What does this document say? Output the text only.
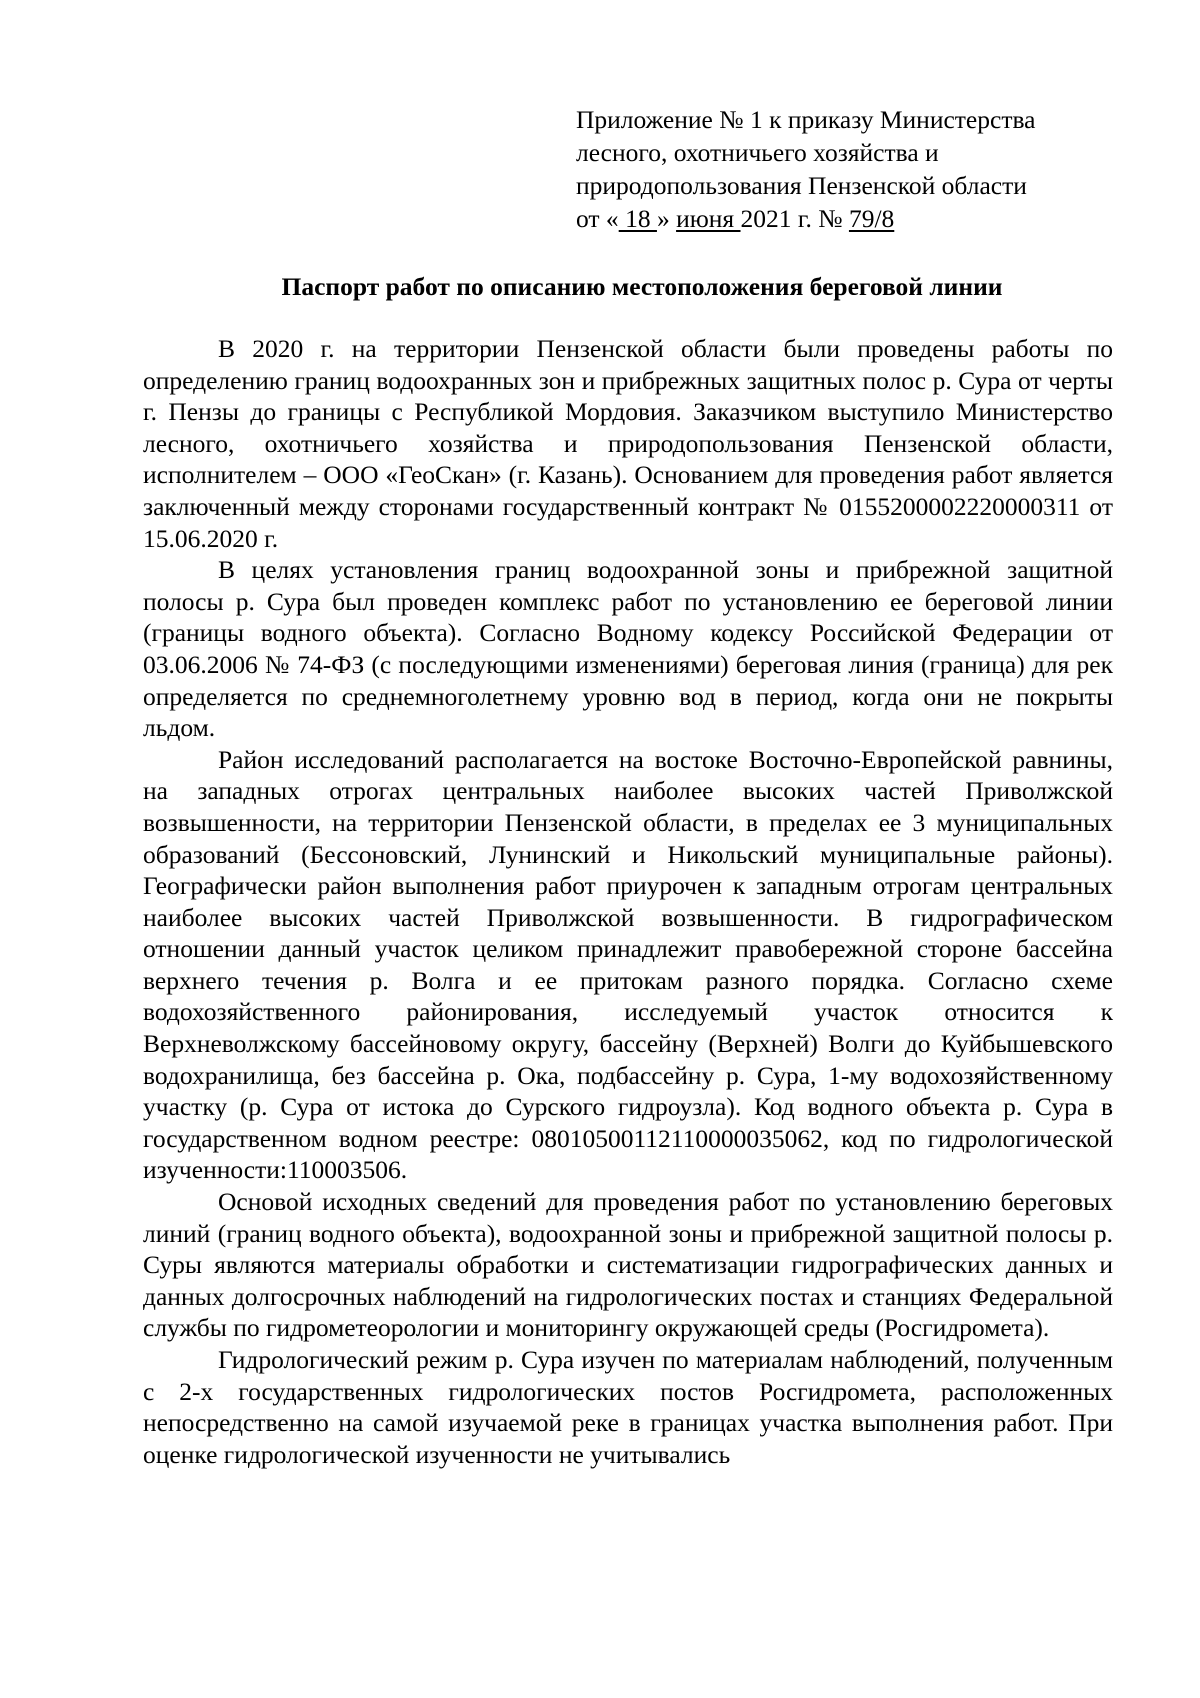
Приложение № 1 к приказу Министерства
лесного, охотничьего хозяйства и
природопользования Пензенской области
от « 18 » июня 2021 г. № 79/8
Паспорт работ по описанию местоположения береговой линии

В 2020 г. на территории Пензенской области были проведены работы по определению границ водоохранных зон и прибрежных защитных полос р. Сура от черты г. Пензы до границы с Республикой Мордовия. Заказчиком выступило Министерство лесного, охотничьего хозяйства и природопользования Пензенской области, исполнителем – ООО «ГеоСкан» (г. Казань). Основанием для проведения работ является заключенный между сторонами государственный контракт № 0155200002220000311 от 15.06.2020 г.

В целях установления границ водоохранной зоны и прибрежной защитной полосы р. Сура был проведен комплекс работ по установлению ее береговой линии (границы водного объекта). Согласно Водному кодексу Российской Федерации от 03.06.2006 № 74-ФЗ (с последующими изменениями) береговая линия (граница) для рек определяется по среднемноголетнему уровню вод в период, когда они не покрыты льдом.

Район исследований располагается на востоке Восточно-Европейской равнины, на западных отрогах центральных наиболее высоких частей Приволжской возвышенности, на территории Пензенской области, в пределах ее 3 муниципальных образований (Бессоновский, Лунинский и Никольский муниципальные районы). Географически район выполнения работ приурочен к западным отрогам центральных наиболее высоких частей Приволжской возвышенности. В гидрографическом отношении данный участок целиком принадлежит правобережной стороне бассейна верхнего течения р. Волга и ее притокам разного порядка. Согласно схеме водохозяйственного районирования, исследуемый участок относится к Верхневолжскому бассейновому округу, бассейну (Верхней) Волги до Куйбышевского водохранилища, без бассейна р. Ока, подбассейну р. Сура, 1-му водохозяйственному участку (р. Сура от истока до Сурского гидроузла). Код водного объекта р. Сура в государственном водном реестре: 08010500112110000035062, код по гидрологической изученности:110003506.

Основой исходных сведений для проведения работ по установлению береговых линий (границ водного объекта), водоохранной зоны и прибрежной защитной полосы р. Суры являются материалы обработки и систематизации гидрографических данных и данных долгосрочных наблюдений на гидрологических постах и станциях Федеральной службы по гидрометеорологии и мониторингу окружающей среды (Росгидромета).

Гидрологический режим р. Сура изучен по материалам наблюдений, полученным с 2-х государственных гидрологических постов Росгидромета, расположенных непосредственно на самой изучаемой реке в границах участка выполнения работ. При оценке гидрологической изученности не учитывались
